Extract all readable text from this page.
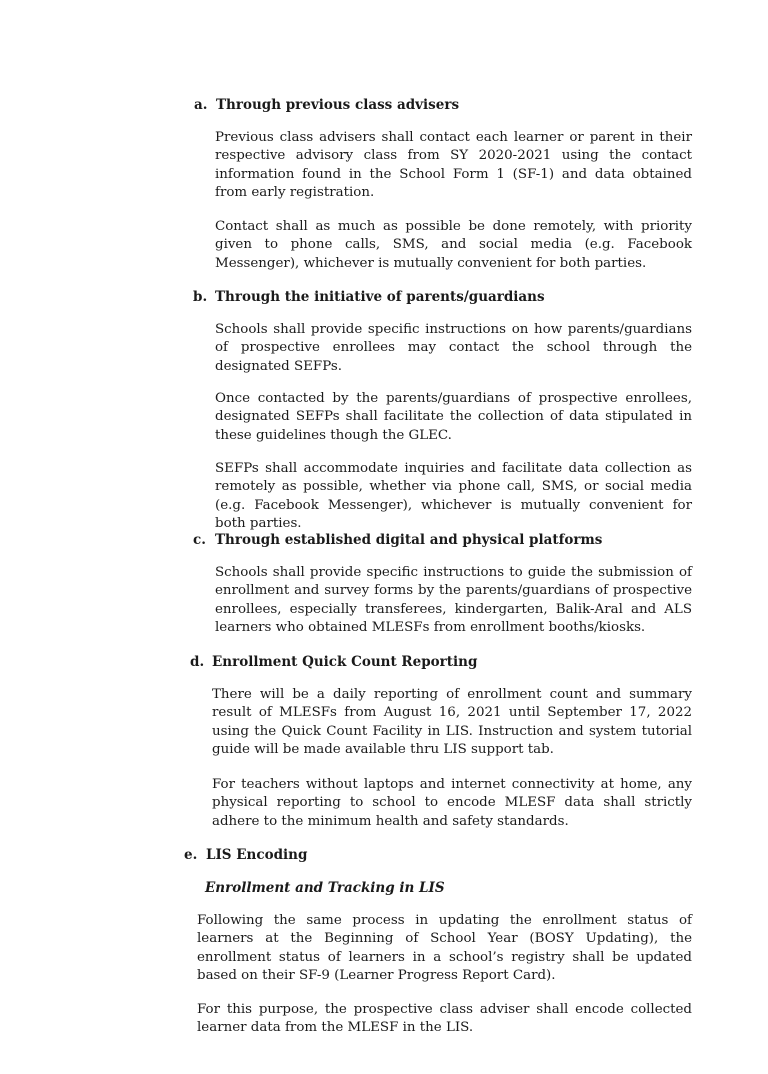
a. Through previous class advisers

Previous class advisers shall contact each learner or parent in their respective advisory class from SY 2020-2021 using the contact information found in the School Form 1 (SF-1) and data obtained from early registration.

Contact shall as much as possible be done remotely, with priority given to phone calls, SMS, and social media (e.g. Facebook Messenger), whichever is mutually convenient for both parties.

b. Through the initiative of parents/guardians

Schools shall provide specific instructions on how parents/guardians of prospective enrollees may contact the school through the designated SEFPs.

Once contacted by the parents/guardians of prospective enrollees, designated SEFPs shall facilitate the collection of data stipulated in these guidelines though the GLEC.

SEFPs shall accommodate inquiries and facilitate data collection as remotely as possible, whether via phone call, SMS, or social media (e.g. Facebook Messenger), whichever is mutually convenient for both parties.

c. Through established digital and physical platforms

Schools shall provide specific instructions to guide the submission of enrollment and survey forms by the parents/guardians of prospective enrollees, especially transferees, kindergarten, Balik-Aral and ALS learners who obtained MLESFs from enrollment booths/kiosks.

d. Enrollment Quick Count Reporting

There will be a daily reporting of enrollment count and summary result of MLESFs from August 16, 2021 until September 17, 2022 using the Quick Count Facility in LIS. Instruction and system tutorial guide will be made available thru LIS support tab.

For teachers without laptops and internet connectivity at home, any physical reporting to school to encode MLESF data shall strictly adhere to the minimum health and safety standards.

e. LIS Encoding
Enrollment and Tracking in LIS

Following the same process in updating the enrollment status of learners at the Beginning of School Year (BOSY Updating), the enrollment status of learners in a school’s registry shall be updated based on their SF-9 (Learner Progress Report Card).

For this purpose, the prospective class adviser shall encode collected learner data from the MLESF in the LIS.
